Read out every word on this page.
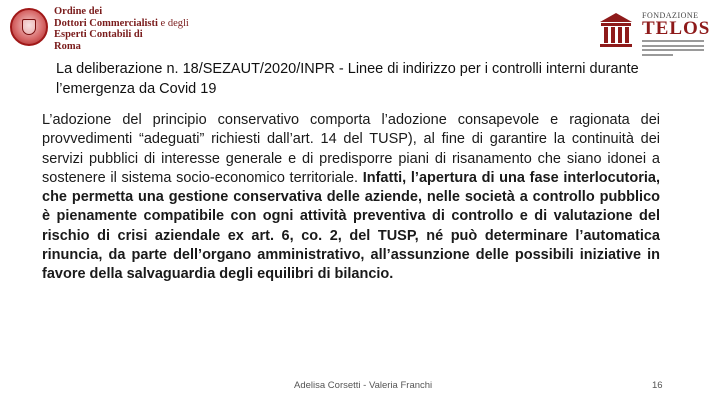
Ordine dei
Dottori Commercialisti e degli
Esperti Contabili di
Roma

FONDAZIONE
TELOS
La deliberazione n. 18/SEZAUT/2020/INPR - Linee di indirizzo per i controlli interni durante l’emergenza da Covid 19

L’adozione del principio conservativo comporta l’adozione consapevole e ragionata dei provvedimenti “adeguati” richiesti dall’art. 14 del TUSP), al fine di garantire la continuità dei servizi pubblici di interesse generale e di predisporre piani di risanamento che siano idonei a sostenere il sistema socio-economico territoriale. Infatti, l’apertura di una fase interlocutoria, che permetta una gestione conservativa delle aziende, nelle società a controllo pubblico è pienamente compatibile con ogni attività preventiva di controllo e di valutazione del rischio di crisi aziendale ex art. 6, co. 2, del TUSP, né può determinare l’automatica rinuncia, da parte dell’organo amministrativo, all’assunzione delle possibili iniziative in favore della salvaguardia degli equilibri di bilancio.

Adelisa Corsetti - Valeria Franchi	16
